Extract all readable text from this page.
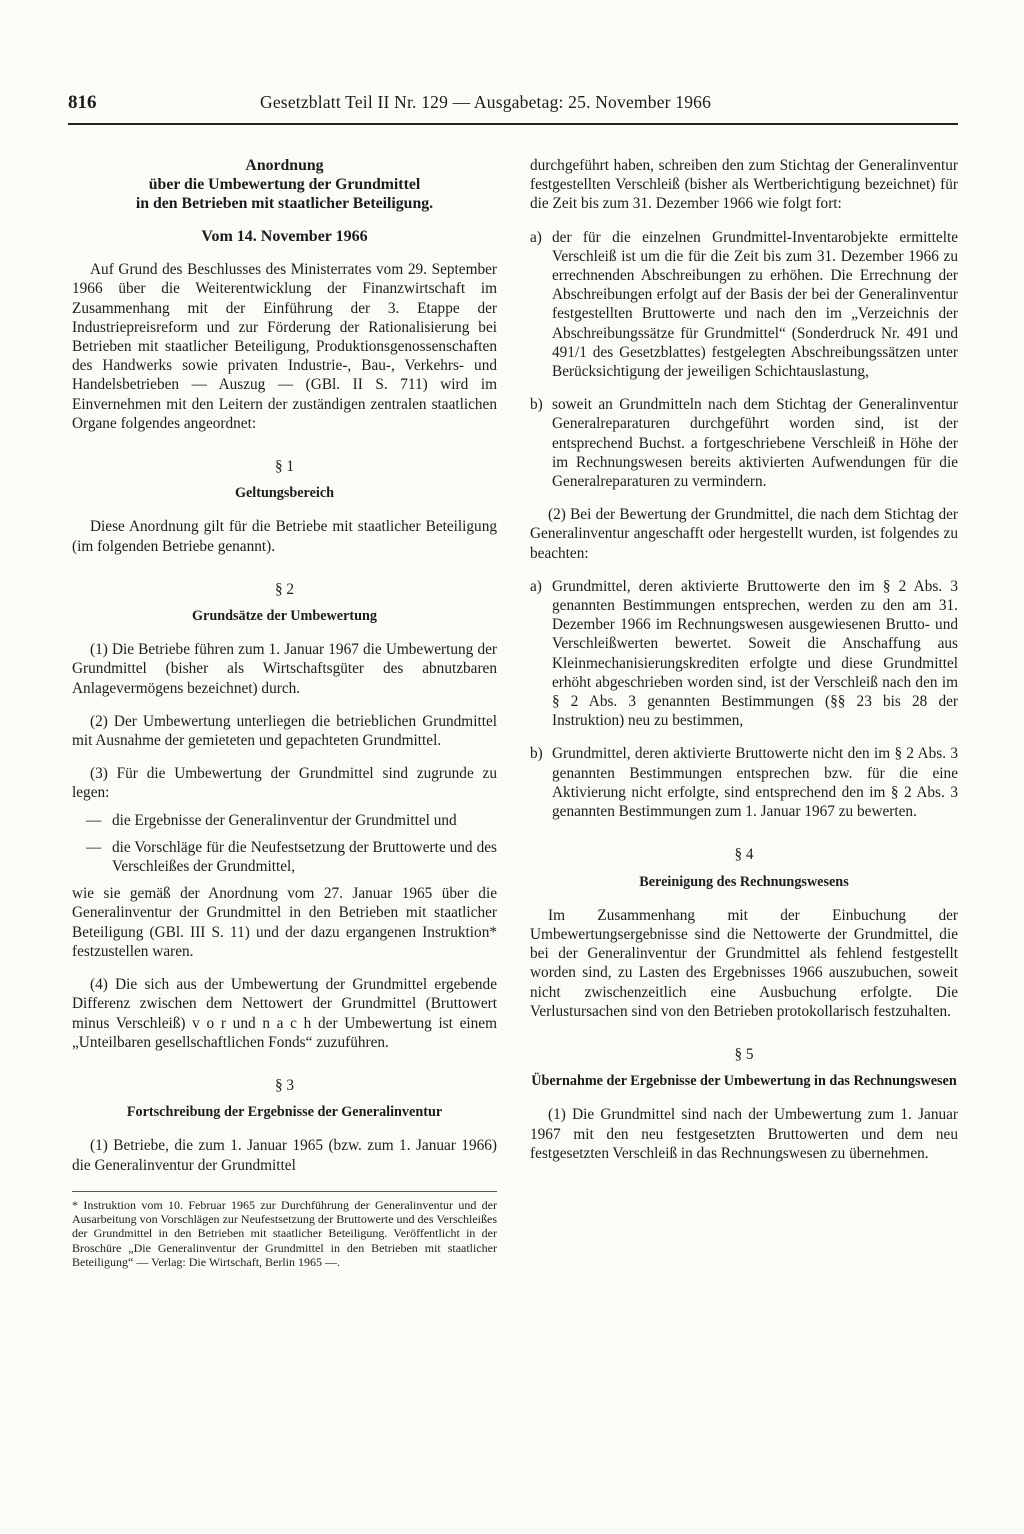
816	Gesetzblatt Teil II Nr. 129 — Ausgabetag: 25. November 1966
Anordnung
über die Umbewertung der Grundmittel
in den Betrieben mit staatlicher Beteiligung.
Vom 14. November 1966

Auf Grund des Beschlusses des Ministerrates vom 29. September 1966 über die Weiterentwicklung der Finanzwirtschaft im Zusammenhang mit der Einführung der 3. Etappe der Industriepreisreform und zur Förderung der Rationalisierung bei Betrieben mit staatlicher Beteiligung, Produktionsgenossenschaften des Handwerks sowie privaten Industrie-, Bau-, Verkehrs- und Handelsbetrieben — Auszug — (GBl. II S. 711) wird im Einvernehmen mit den Leitern der zuständigen zentralen staatlichen Organe folgendes angeordnet:

§ 1
Geltungsbereich

Diese Anordnung gilt für die Betriebe mit staatlicher Beteiligung (im folgenden Betriebe genannt).

§ 2
Grundsätze der Umbewertung

(1) Die Betriebe führen zum 1. Januar 1967 die Umbewertung der Grundmittel (bisher als Wirtschaftsgüter des abnutzbaren Anlagevermögens bezeichnet) durch.

(2) Der Umbewertung unterliegen die betrieblichen Grundmittel mit Ausnahme der gemieteten und gepachteten Grundmittel.

(3) Für die Umbewertung der Grundmittel sind zugrunde zu legen:

— die Ergebnisse der Generalinventur der Grundmittel und
— die Vorschläge für die Neufestsetzung der Bruttowerte und des Verschleißes der Grundmittel,

wie sie gemäß der Anordnung vom 27. Januar 1965 über die Generalinventur der Grundmittel in den Betrieben mit staatlicher Beteiligung (GBl. III S. 11) und der dazu ergangenen Instruktion* festzustellen waren.

(4) Die sich aus der Umbewertung der Grundmittel ergebende Differenz zwischen dem Nettowert der Grundmittel (Bruttowert minus Verschleiß) v o r und n a c h der Umbewertung ist einem „Unteilbaren gesellschaftlichen Fonds“ zuzuführen.

§ 3
Fortschreibung der Ergebnisse der Generalinventur

(1) Betriebe, die zum 1. Januar 1965 (bzw. zum 1. Januar 1966) die Generalinventur der Grundmittel

* Instruktion vom 10. Februar 1965 zur Durchführung der Generalinventur und der Ausarbeitung von Vorschlägen zur Neufestsetzung der Bruttowerte und des Verschleißes der Grundmittel in den Betrieben mit staatlicher Beteiligung. Veröffentlicht in der Broschüre „Die Generalinventur der Grundmittel in den Betrieben mit staatlicher Beteiligung“ — Verlag: Die Wirtschaft, Berlin 1965 —.

durchgeführt haben, schreiben den zum Stichtag der Generalinventur festgestellten Verschleiß (bisher als Wertberichtigung bezeichnet) für die Zeit bis zum 31. Dezember 1966 wie folgt fort:

a) der für die einzelnen Grundmittel-Inventarobjekte ermittelte Verschleiß ist um die für die Zeit bis zum 31. Dezember 1966 zu errechnenden Abschreibungen zu erhöhen. Die Errechnung der Abschreibungen erfolgt auf der Basis der bei der Generalinventur festgestellten Bruttowerte und nach den im „Verzeichnis der Abschreibungssätze für Grundmittel“ (Sonderdruck Nr. 491 und 491/1 des Gesetzblattes) festgelegten Abschreibungssätzen unter Berücksichtigung der jeweiligen Schichtauslastung,
b) soweit an Grundmitteln nach dem Stichtag der Generalinventur Generalreparaturen durchgeführt worden sind, ist der entsprechend Buchst. a fortgeschriebene Verschleiß in Höhe der im Rechnungswesen bereits aktivierten Aufwendungen für die Generalreparaturen zu vermindern.

(2) Bei der Bewertung der Grundmittel, die nach dem Stichtag der Generalinventur angeschafft oder hergestellt wurden, ist folgendes zu beachten:

a) Grundmittel, deren aktivierte Bruttowerte den im § 2 Abs. 3 genannten Bestimmungen entsprechen, werden zu den am 31. Dezember 1966 im Rechnungswesen ausgewiesenen Brutto- und Verschleißwerten bewertet. Soweit die Anschaffung aus Kleinmechanisierungskrediten erfolgte und diese Grundmittel erhöht abgeschrieben worden sind, ist der Verschleiß nach den im § 2 Abs. 3 genannten Bestimmungen (§§ 23 bis 28 der Instruktion) neu zu bestimmen,
b) Grundmittel, deren aktivierte Bruttowerte nicht den im § 2 Abs. 3 genannten Bestimmungen entsprechen bzw. für die eine Aktivierung nicht erfolgte, sind entsprechend den im § 2 Abs. 3 genannten Bestimmungen zum 1. Januar 1967 zu bewerten.
§ 4
Bereinigung des Rechnungswesens

Im Zusammenhang mit der Einbuchung der Umbewertungsergebnisse sind die Nettowerte der Grundmittel, die bei der Generalinventur der Grundmittel als fehlend festgestellt worden sind, zu Lasten des Ergebnisses 1966 auszubuchen, soweit nicht zwischenzeitlich eine Ausbuchung erfolgte. Die Verlustursachen sind von den Betrieben protokollarisch festzuhalten.

§ 5
Übernahme der Ergebnisse der Umbewertung in das Rechnungswesen

(1) Die Grundmittel sind nach der Umbewertung zum 1. Januar 1967 mit den neu festgesetzten Bruttowerten und dem neu festgesetzten Verschleiß in das Rechnungswesen zu übernehmen.
